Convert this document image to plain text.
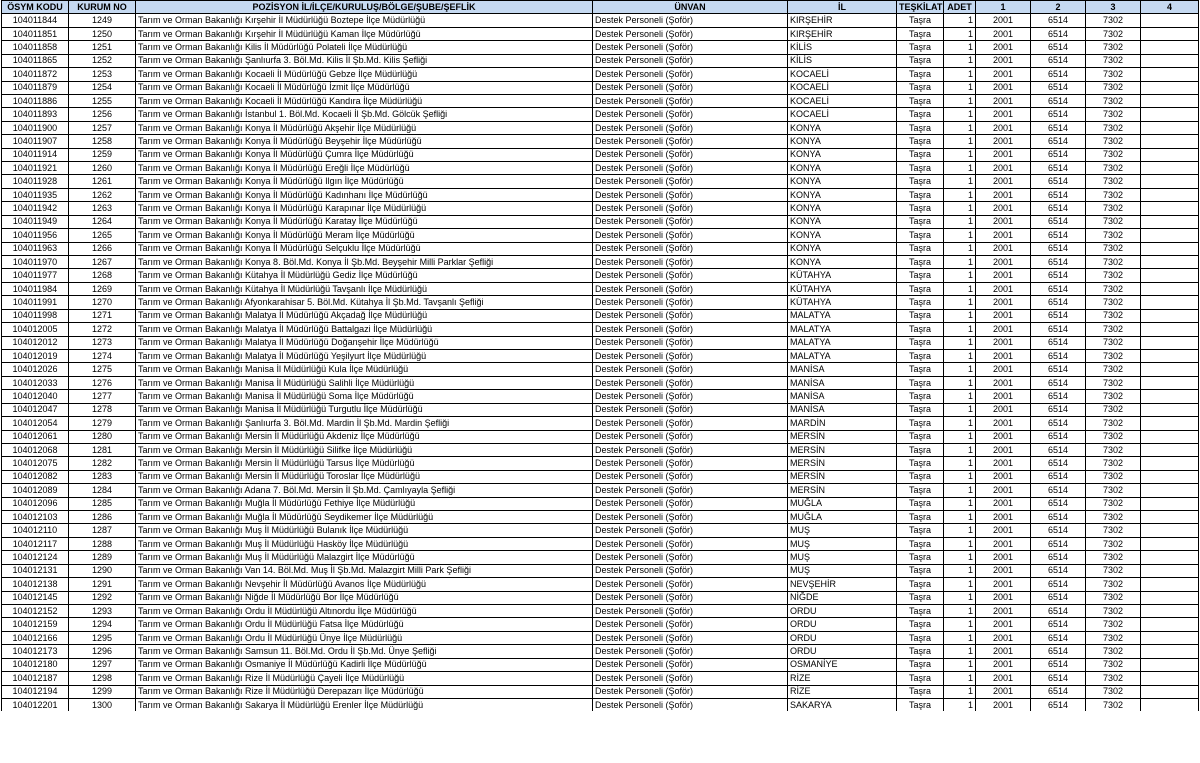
ÖSYM KODU	KURUM NO	POZİSYON İL/İLÇE/KURULUŞ/BÖLGE/ŞUBE/ŞEFLİK	ÜNVAN	İL	TEŞKİLAT	ADET	1	2	3	4
104011844	1249	Tarım ve Orman Bakanlığı Kırşehir İl Müdürlüğü Boztepe İlçe Müdürlüğü	Destek Personeli (Şoför)	KIRŞEHİR	Taşra	1	2001	6514	7302	
104011851	1250	Tarım ve Orman Bakanlığı Kırşehir İl Müdürlüğü Kaman İlçe Müdürlüğü	Destek Personeli (Şoför)	KIRŞEHİR	Taşra	1	2001	6514	7302	
104011858	1251	Tarım ve Orman Bakanlığı Kilis İl Müdürlüğü Polateli İlçe Müdürlüğü	Destek Personeli (Şoför)	KİLİS	Taşra	1	2001	6514	7302	
104011865	1252	Tarım ve Orman Bakanlığı Şanlıurfa 3. Böl.Md. Kilis İl Şb.Md. Kilis Şefliği	Destek Personeli (Şoför)	KİLİS	Taşra	1	2001	6514	7302	
104011872	1253	Tarım ve Orman Bakanlığı Kocaeli İl Müdürlüğü Gebze İlçe Müdürlüğü	Destek Personeli (Şoför)	KOCAELİ	Taşra	1	2001	6514	7302	
104011879	1254	Tarım ve Orman Bakanlığı Kocaeli İl Müdürlüğü İzmit İlçe Müdürlüğü	Destek Personeli (Şoför)	KOCAELİ	Taşra	1	2001	6514	7302	
104011886	1255	Tarım ve Orman Bakanlığı Kocaeli İl Müdürlüğü Kandıra İlçe Müdürlüğü	Destek Personeli (Şoför)	KOCAELİ	Taşra	1	2001	6514	7302	
104011893	1256	Tarım ve Orman Bakanlığı İstanbul 1. Böl.Md. Kocaeli İl Şb.Md. Gölcük Şefliği	Destek Personeli (Şoför)	KOCAELİ	Taşra	1	2001	6514	7302	
104011900	1257	Tarım ve Orman Bakanlığı Konya İl Müdürlüğü Akşehir İlçe Müdürlüğü	Destek Personeli (Şoför)	KONYA	Taşra	1	2001	6514	7302	
104011907	1258	Tarım ve Orman Bakanlığı Konya İl Müdürlüğü Beyşehir İlçe Müdürlüğü	Destek Personeli (Şoför)	KONYA	Taşra	1	2001	6514	7302	
104011914	1259	Tarım ve Orman Bakanlığı Konya İl Müdürlüğü Çumra İlçe Müdürlüğü	Destek Personeli (Şoför)	KONYA	Taşra	1	2001	6514	7302	
104011921	1260	Tarım ve Orman Bakanlığı Konya İl Müdürlüğü Ereğli İlçe Müdürlüğü	Destek Personeli (Şoför)	KONYA	Taşra	1	2001	6514	7302	
104011928	1261	Tarım ve Orman Bakanlığı Konya İl Müdürlüğü Ilgın İlçe Müdürlüğü	Destek Personeli (Şoför)	KONYA	Taşra	1	2001	6514	7302	
104011935	1262	Tarım ve Orman Bakanlığı Konya İl Müdürlüğü Kadınhanı İlçe Müdürlüğü	Destek Personeli (Şoför)	KONYA	Taşra	1	2001	6514	7302	
104011942	1263	Tarım ve Orman Bakanlığı Konya İl Müdürlüğü Karapınar İlçe Müdürlüğü	Destek Personeli (Şoför)	KONYA	Taşra	1	2001	6514	7302	
104011949	1264	Tarım ve Orman Bakanlığı Konya İl Müdürlüğü Karatay İlçe Müdürlüğü	Destek Personeli (Şoför)	KONYA	Taşra	1	2001	6514	7302	
104011956	1265	Tarım ve Orman Bakanlığı Konya İl Müdürlüğü Meram İlçe Müdürlüğü	Destek Personeli (Şoför)	KONYA	Taşra	1	2001	6514	7302	
104011963	1266	Tarım ve Orman Bakanlığı Konya İl Müdürlüğü Selçuklu İlçe Müdürlüğü	Destek Personeli (Şoför)	KONYA	Taşra	1	2001	6514	7302	
104011970	1267	Tarım ve Orman Bakanlığı Konya 8. Böl.Md. Konya İl Şb.Md. Beyşehir Milli Parklar Şefliği	Destek Personeli (Şoför)	KONYA	Taşra	1	2001	6514	7302	
104011977	1268	Tarım ve Orman Bakanlığı Kütahya İl Müdürlüğü Gediz İlçe Müdürlüğü	Destek Personeli (Şoför)	KÜTAHYA	Taşra	1	2001	6514	7302	
104011984	1269	Tarım ve Orman Bakanlığı Kütahya İl Müdürlüğü Tavşanlı İlçe Müdürlüğü	Destek Personeli (Şoför)	KÜTAHYA	Taşra	1	2001	6514	7302	
104011991	1270	Tarım ve Orman Bakanlığı Afyonkarahisar 5. Böl.Md. Kütahya İl Şb.Md. Tavşanlı Şefliği	Destek Personeli (Şoför)	KÜTAHYA	Taşra	1	2001	6514	7302	
104011998	1271	Tarım ve Orman Bakanlığı Malatya İl Müdürlüğü Akçadağ İlçe Müdürlüğü	Destek Personeli (Şoför)	MALATYA	Taşra	1	2001	6514	7302	
104012005	1272	Tarım ve Orman Bakanlığı Malatya İl Müdürlüğü Battalgazi İlçe Müdürlüğü	Destek Personeli (Şoför)	MALATYA	Taşra	1	2001	6514	7302	
104012012	1273	Tarım ve Orman Bakanlığı Malatya İl Müdürlüğü Doğanşehir İlçe Müdürlüğü	Destek Personeli (Şoför)	MALATYA	Taşra	1	2001	6514	7302	
104012019	1274	Tarım ve Orman Bakanlığı Malatya İl Müdürlüğü Yeşilyurt İlçe Müdürlüğü	Destek Personeli (Şoför)	MALATYA	Taşra	1	2001	6514	7302	
104012026	1275	Tarım ve Orman Bakanlığı Manisa İl Müdürlüğü Kula İlçe Müdürlüğü	Destek Personeli (Şoför)	MANİSA	Taşra	1	2001	6514	7302	
104012033	1276	Tarım ve Orman Bakanlığı Manisa İl Müdürlüğü Salihli İlçe Müdürlüğü	Destek Personeli (Şoför)	MANİSA	Taşra	1	2001	6514	7302	
104012040	1277	Tarım ve Orman Bakanlığı Manisa İl Müdürlüğü Soma İlçe Müdürlüğü	Destek Personeli (Şoför)	MANİSA	Taşra	1	2001	6514	7302	
104012047	1278	Tarım ve Orman Bakanlığı Manisa İl Müdürlüğü Turgutlu İlçe Müdürlüğü	Destek Personeli (Şoför)	MANİSA	Taşra	1	2001	6514	7302	
104012054	1279	Tarım ve Orman Bakanlığı Şanlıurfa 3. Böl.Md. Mardin İl Şb.Md. Mardin Şefliği	Destek Personeli (Şoför)	MARDİN	Taşra	1	2001	6514	7302	
104012061	1280	Tarım ve Orman Bakanlığı Mersin İl Müdürlüğü Akdeniz İlçe Müdürlüğü	Destek Personeli (Şoför)	MERSİN	Taşra	1	2001	6514	7302	
104012068	1281	Tarım ve Orman Bakanlığı Mersin İl Müdürlüğü Silifke İlçe Müdürlüğü	Destek Personeli (Şoför)	MERSİN	Taşra	1	2001	6514	7302	
104012075	1282	Tarım ve Orman Bakanlığı Mersin İl Müdürlüğü Tarsus İlçe Müdürlüğü	Destek Personeli (Şoför)	MERSİN	Taşra	1	2001	6514	7302	
104012082	1283	Tarım ve Orman Bakanlığı Mersin İl Müdürlüğü Toroslar İlçe Müdürlüğü	Destek Personeli (Şoför)	MERSİN	Taşra	1	2001	6514	7302	
104012089	1284	Tarım ve Orman Bakanlığı Adana 7. Böl.Md. Mersin İl Şb.Md. Çamlıyayla Şefliği	Destek Personeli (Şoför)	MERSİN	Taşra	1	2001	6514	7302	
104012096	1285	Tarım ve Orman Bakanlığı Muğla İl Müdürlüğü Fethiye İlçe Müdürlüğü	Destek Personeli (Şoför)	MUĞLA	Taşra	1	2001	6514	7302	
104012103	1286	Tarım ve Orman Bakanlığı Muğla İl Müdürlüğü Seydikemer İlçe Müdürlüğü	Destek Personeli (Şoför)	MUĞLA	Taşra	1	2001	6514	7302	
104012110	1287	Tarım ve Orman Bakanlığı Muş İl Müdürlüğü Bulanık İlçe Müdürlüğü	Destek Personeli (Şoför)	MUŞ	Taşra	1	2001	6514	7302	
104012117	1288	Tarım ve Orman Bakanlığı Muş İl Müdürlüğü Hasköy İlçe Müdürlüğü	Destek Personeli (Şoför)	MUŞ	Taşra	1	2001	6514	7302	
104012124	1289	Tarım ve Orman Bakanlığı Muş İl Müdürlüğü Malazgirt İlçe Müdürlüğü	Destek Personeli (Şoför)	MUŞ	Taşra	1	2001	6514	7302	
104012131	1290	Tarım ve Orman Bakanlığı Van 14. Böl.Md. Muş İl Şb.Md. Malazgirt Milli Park Şefliği	Destek Personeli (Şoför)	MUŞ	Taşra	1	2001	6514	7302	
104012138	1291	Tarım ve Orman Bakanlığı Nevşehir İl Müdürlüğü Avanos İlçe Müdürlüğü	Destek Personeli (Şoför)	NEVŞEHİR	Taşra	1	2001	6514	7302	
104012145	1292	Tarım ve Orman Bakanlığı Niğde İl Müdürlüğü Bor İlçe Müdürlüğü	Destek Personeli (Şoför)	NİĞDE	Taşra	1	2001	6514	7302	
104012152	1293	Tarım ve Orman Bakanlığı Ordu İl Müdürlüğü Altınordu İlçe Müdürlüğü	Destek Personeli (Şoför)	ORDU	Taşra	1	2001	6514	7302	
104012159	1294	Tarım ve Orman Bakanlığı Ordu İl Müdürlüğü Fatsa İlçe Müdürlüğü	Destek Personeli (Şoför)	ORDU	Taşra	1	2001	6514	7302	
104012166	1295	Tarım ve Orman Bakanlığı Ordu İl Müdürlüğü Ünye İlçe Müdürlüğü	Destek Personeli (Şoför)	ORDU	Taşra	1	2001	6514	7302	
104012173	1296	Tarım ve Orman Bakanlığı Samsun 11. Böl.Md. Ordu İl Şb.Md. Ünye Şefliği	Destek Personeli (Şoför)	ORDU	Taşra	1	2001	6514	7302	
104012180	1297	Tarım ve Orman Bakanlığı Osmaniye İl Müdürlüğü Kadirli İlçe Müdürlüğü	Destek Personeli (Şoför)	OSMANİYE	Taşra	1	2001	6514	7302	
104012187	1298	Tarım ve Orman Bakanlığı Rize İl Müdürlüğü Çayeli İlçe Müdürlüğü	Destek Personeli (Şoför)	RİZE	Taşra	1	2001	6514	7302	
104012194	1299	Tarım ve Orman Bakanlığı Rize İl Müdürlüğü Derepazarı İlçe Müdürlüğü	Destek Personeli (Şoför)	RİZE	Taşra	1	2001	6514	7302	
104012201	1300	Tarım ve Orman Bakanlığı Sakarya İl Müdürlüğü Erenler İlçe Müdürlüğü	Destek Personeli (Şoför)	SAKARYA	Taşra	1	2001	6514	7302	
